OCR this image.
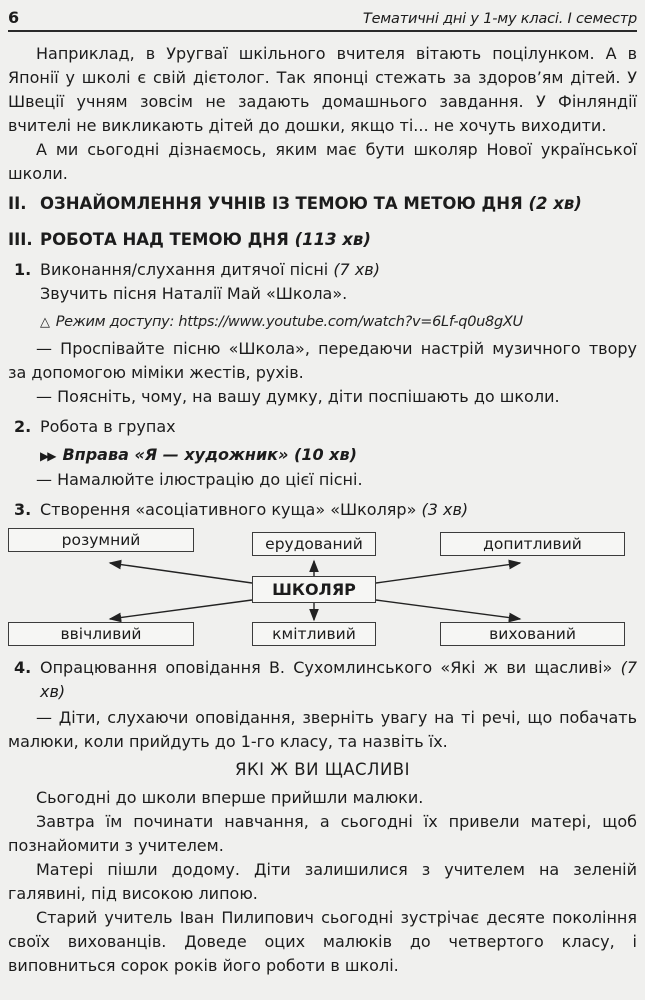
6	Тематичні дні у 1-му класі. І семестр

Наприклад, в Уругваї шкільного вчителя вітають поцілунком. А в Японії у школі є свій дієтолог. Так японці стежать за здоров’ям дітей. У Швеції учням зовсім не задають домашнього завдання. У Фінляндії вчителі не викликають дітей до дошки, якщо ті... не хочуть виходити.

А ми сьогодні дізнаємось, яким має бути школяр Нової української школи.

II. ОЗНАЙОМЛЕННЯ УЧНІВ ІЗ ТЕМОЮ ТА МЕТОЮ ДНЯ (2 хв)
III. РОБОТА НАД ТЕМОЮ ДНЯ (113 хв)
1. Виконання/слухання дитячої пісні (7 хв)
Звучить пісня Наталії Май «Школа».
△ Режим доступу: https://www.youtube.com/watch?v=6Lf-q0u8gXU

— Проспівайте пісню «Школа», передаючи настрій музичного твору за допомогою міміки жестів, рухів.

— Поясніть, чому, на вашу думку, діти поспішають до школи.

2. Робота в групах
▶▶ Вправа «Я — художник» (10 хв)

— Намалюйте ілюстрацію до цієї пісні.

3. Створення «асоціативного куща» «Школяр» (3 хв)
розумний	ерудований	допитливий
ШКОЛЯР
ввічливий	кмітливий	вихований
4. Опрацювання оповідання В. Сухомлинського «Які ж ви щасливі» (7 хв)

— Діти, слухаючи оповідання, зверніть увагу на ті речі, що побачать малюки, коли прийдуть до 1-го класу, та назвіть їх.

ЯКІ Ж ВИ ЩАСЛИВІ

Сьогодні до школи вперше прийшли малюки.

Завтра їм починати навчання, а сьогодні їх привели матері, щоб познайомити з учителем.

Матері пішли додому. Діти залишилися з учителем на зеленій галявині, під високою липою.

Старий учитель Іван Пилипович сьогодні зустрічає десяте покоління своїх вихованців. Доведе оцих малюків до четвертого класу, і виповниться сорок років його роботи в школі.
